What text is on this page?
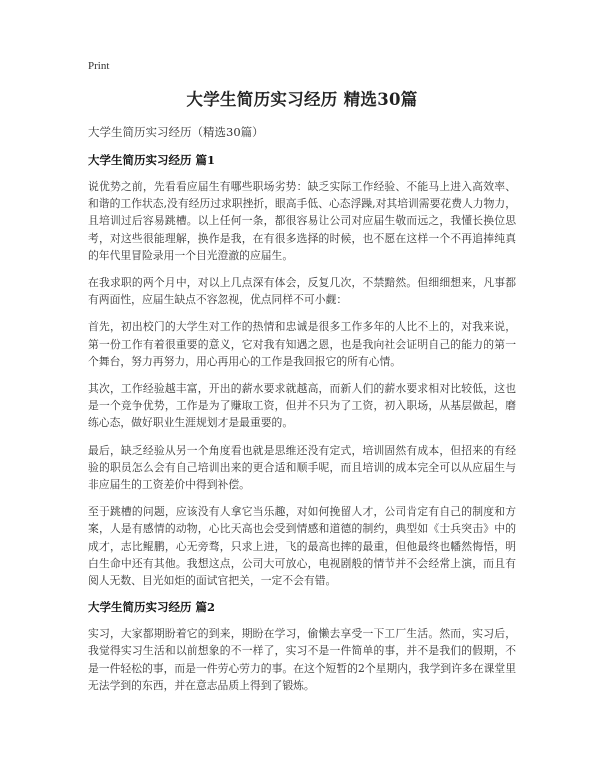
Print
大学生简历实习经历 精选30篇
大学生简历实习经历（精选30篇）
大学生简历实习经历 篇1

说优势之前，先看看应届生有哪些职场劣势：缺乏实际工作经验、不能马上进入高效率、和谐的工作状态,没有经历过求职挫折，眼高手低、心态浮躁,对其培训需要花费人力物力，且培训过后容易跳槽。以上任何一条，都很容易让公司对应届生敬而远之，我懂长换位思考，对这些很能理解，换作是我，在有很多选择的时候，也不愿在这样一个不再追捧纯真的年代里冒险录用一个目光澄澈的应届生。

在我求职的两个月中，对以上几点深有体会，反复几次，不禁黯然。但细细想来，凡事都有两面性，应届生缺点不容忽视，优点同样不可小觑：

首先，初出校门的大学生对工作的热情和忠诚是很多工作多年的人比不上的，对我来说，第一份工作有着很重要的意义，它对我有知遇之恩，也是我向社会证明自己的能力的第一个舞台，努力再努力，用心再用心的工作是我回报它的所有心情。

其次，工作经验越丰富，开出的薪水要求就越高，而新人们的薪水要求相对比较低，这也是一个竞争优势，工作是为了赚取工资，但并不只为了工资，初入职场，从基层做起，磨练心态，做好职业生涯规划才是最重要的。

最后，缺乏经验从另一个角度看也就是思维还没有定式，培训固然有成本，但招来的有经验的职员怎么会有自己培训出来的更合适和顺手呢，而且培训的成本完全可以从应届生与非应届生的工资差价中得到补偿。

至于跳槽的问题，应该没有人拿它当乐趣，对如何挽留人才，公司肯定有自己的制度和方案，人是有感情的动物，心比天高也会受到情感和道德的制约，典型如《士兵突击》中的成才，志比鲲鹏，心无旁骛，只求上进，飞的最高也摔的最重，但他最终也幡然悔悟，明白生命中还有其他。我想这点，公司大可放心，电视剧般的情节并不会经常上演，而且有阅人无数、目光如炬的面试官把关，一定不会有错。

大学生简历实习经历 篇2

实习，大家都期盼着它的到来，期盼在学习，偷懒去享受一下工厂生活。然而，实习后，我觉得实习生活和以前想象的不一样了，实习不是一件简单的事，并不是我们的假期，不是一件轻松的事，而是一件劳心劳力的事。在这个短暂的2个星期内，我学到许多在课堂里无法学到的东西，并在意志品质上得到了锻炼。
